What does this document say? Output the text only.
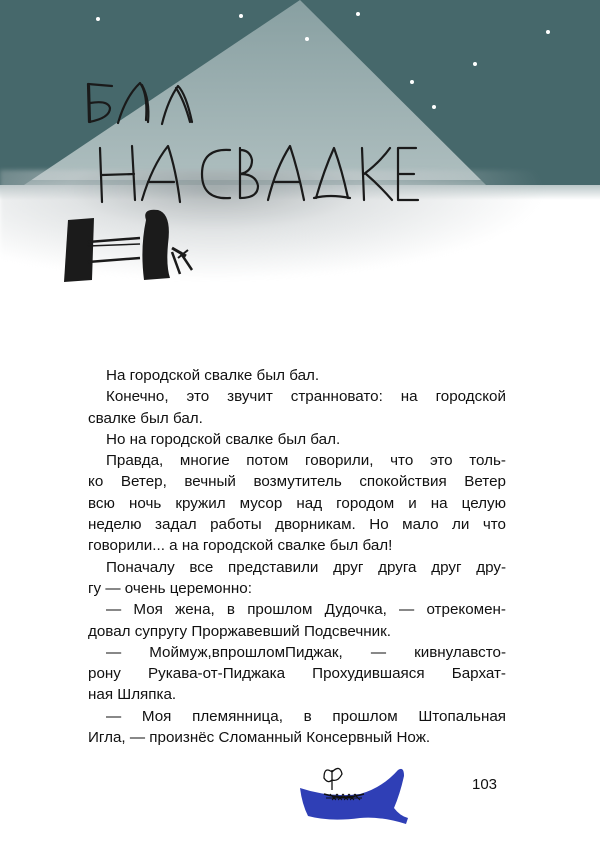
На городской свалке был бал.
Конечно, это звучит странновато: на городской
свалке был бал.
Но на городской свалке был бал.
Правда, многие потом говорили, что это толь-
ко Ветер, вечный возмутитель спокойствия Ветер
всю ночь кружил мусор над городом и на целую
неделю задал работы дворникам. Но мало ли что
говорили... а на городской свалке был бал!
Поначалу все представили друг друга друг дру-
гу — очень церемонно:
— Моя жена, в прошлом Дудочка, — отрекомен-
довал супругу Проржавевший Подсвечник.
— Моймуж,впрошломПиджак, — кивнулавсто-
рону Рукава-от-Пиджака Прохудившаяся Бархат-
ная Шляпка.
— Моя племянница, в прошлом Штопальная
Игла, — произнёс Сломанный Консервный Нож.
103
